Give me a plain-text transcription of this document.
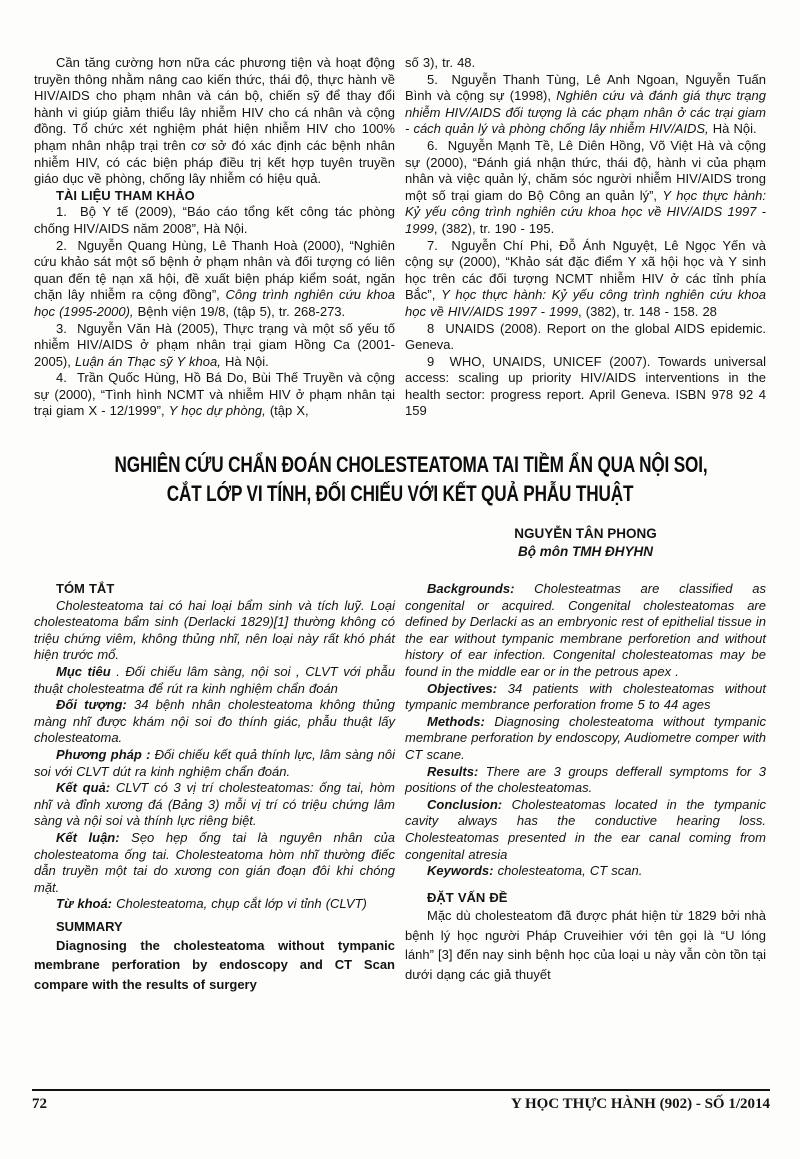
Cần tăng cường hơn nữa các phương tiện và hoạt động truyền thông nhằm nâng cao kiến thức, thái độ, thực hành về HIV/AIDS cho phạm nhân và cán bộ, chiến sỹ để thay đổi hành vi giúp giảm thiểu lây nhiễm HIV cho cá nhân và cộng đồng. Tổ chức xét nghiệm phát hiện nhiễm HIV cho 100% phạm nhân nhập trại trên cơ sở đó xác định các bệnh nhân nhiễm HIV, có các biện pháp điều trị kết hợp tuyên truyền giáo dục về phòng, chống lây nhiễm có hiệu quả.

TÀI LIỆU THAM KHẢO

1.  Bộ Y tế (2009), “Báo cáo tổng kết công tác phòng chống HIV/AIDS năm 2008”, Hà Nội.

2.  Nguyễn Quang Hùng, Lê Thanh Hoà (2000), “Nghiên cứu khảo sát một số bệnh ở phạm nhân và đối tượng có liên quan đến tệ nạn xã hội, đề xuất biện pháp kiểm soát, ngăn chặn lây nhiễm ra cộng đồng”, Công trình nghiên cứu khoa học (1995-2000), Bệnh viện 19/8, (tập 5), tr. 268-273.

3.  Nguyễn Văn Hà (2005), Thực trạng và một số yếu tố nhiễm HIV/AIDS ở phạm nhân trại giam Hồng Ca (2001-2005), Luận án Thạc sỹ Y khoa, Hà Nội.

4.  Trần Quốc Hùng, Hồ Bá Do, Bùi Thế Truyền và cộng sự (2000), “Tình hình NCMT và nhiễm HIV ở phạm nhân tại trại giam X - 12/1999”, Y học dự phòng, (tập X,

số 3), tr. 48.

5.  Nguyễn Thanh Tùng, Lê Anh Ngoan, Nguyễn Tuấn Bình và cộng sự (1998), Nghiên cứu và đánh giá thực trạng nhiễm HIV/AIDS đối tượng là các phạm nhân ở các trại giam - cách quản lý và phòng chống lây nhiễm HIV/AIDS, Hà Nội.

6.  Nguyễn Mạnh Tề, Lê Diên Hồng, Võ Việt Hà và cộng sự (2000), “Đánh giá nhận thức, thái độ, hành vi của phạm nhân và việc quản lý, chăm sóc người nhiễm HIV/AIDS trong một số trại giam do Bộ Công an quản lý”, Y học thực hành: Kỷ yếu công trình nghiên cứu khoa học về HIV/AIDS 1997 - 1999, (382), tr. 190 - 195.

7.  Nguyễn Chí Phi, Đỗ Ánh Nguyệt, Lê Ngọc Yến và cộng sự (2000), “Khảo sát đặc điểm Y xã hội học và Y sinh học trên các đối tượng NCMT nhiễm HIV ở các tỉnh phía Bắc”, Y học thực hành: Kỷ yếu công trình nghiên cứu khoa học về HIV/AIDS 1997 - 1999, (382), tr. 148 - 158. 28

8  UNAIDS (2008). Report on the global AIDS epidemic. Geneva.

9  WHO, UNAIDS, UNICEF (2007). Towards universal access: scaling up priority HIV/AIDS interventions in the health sector: progress report. April Geneva. ISBN 978 92 4 159

NGHIÊN CỨU CHẨN ĐOÁN CHOLESTEATOMA TAI TIỀM ẨN QUA NỘI SOI,
CẮT LỚP VI TÍNH, ĐỐI CHIẾU VỚI KẾT QUẢ PHẪU THUẬT
NGUYỄN TÂN PHONG
Bộ môn TMH ĐHYHN

TÓM TẮT

Cholesteatoma tai có hai loại bẩm sinh và tích luỹ. Loại cholesteatoma bẩm sinh (Derlacki 1829)[1] thường không có triệu chứng viêm, không thủng nhĩ, nên loại này rất khó phát hiện trước mổ.

Mục tiêu . Đối chiếu lâm sàng, nội soi , CLVT với phẫu thuật cholesteatma để rút ra kinh nghiệm chẩn đoán

Đối tượng: 34 bệnh nhân cholesteatoma không thủng màng nhĩ được khám nội soi đo thính giác, phẫu thuật lấy cholesteatoma.

Phương pháp : Đối chiếu kết quả thính lực, lâm sàng nôi soi với CLVT dút ra kinh nghiệm chẩn đoán.

Kết quả: CLVT có 3 vị trí cholesteatomas: ống tai, hòm nhĩ và đỉnh xương đá (Bảng 3) mỗi vị trí có triệu chứng lâm sàng và nội soi và thính lực riêng biệt.

Kết luận: Sẹo hẹp ống tai là nguyên nhân của cholesteatoma ống tai. Cholesteatoma hòm nhĩ thường điếc dẫn truyền một tai do xương con gián đoạn đôi khi chóng mặt.

Từ khoá: Cholesteatoma, chụp cắt lớp vi tỉnh (CLVT)

SUMMARY

Diagnosing the cholesteatoma without tympanic membrane perforation by endoscopy and CT Scan compare with the results of surgery

Backgrounds: Cholesteatmas are classified as congenital or acquired. Congenital cholesteatomas are defined by Derlacki as an embryonic rest of epithelial tissue in the ear without tympanic membrane perforetion and without history of ear infection. Congenital cholesteatomas may be found in the middle ear or in the petrous apex .

Objectives: 34 patients with cholesteatomas without tympanic membrance perforation frome 5 to 44 ages

Methods: Diagnosing cholesteatoma without tympanic membrane perforation by endoscopy, Audiometre comper with CT scane.

Results: There are 3 groups defferall symptoms for 3 positions of the cholesteatomas.

Conclusion: Cholesteatomas located in the tympanic cavity always has the conductive hearing loss. Cholesteatomas presented in the ear canal coming from congenital atresia

Keywords: cholesteatoma, CT scan.

ĐẶT VẤN ĐỀ

Mặc dù cholesteatom đã được phát hiện từ 1829 bởi nhà bệnh lý học người Pháp Cruveihier với tên gọi là “U lóng lánh” [3] đến nay sinh bệnh học của loại u này vẫn còn tồn tại dưới dạng các giả thuyết

72	Y HỌC THỰC HÀNH (902) - SỐ 1/2014
